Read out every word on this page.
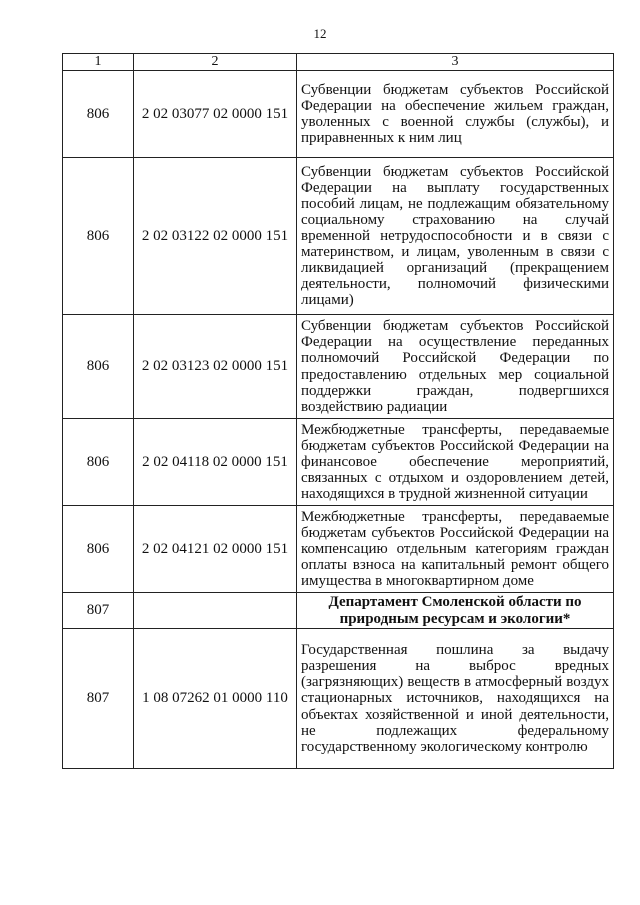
12
1	2	3
806	2 02 03077 02 0000 151	Субвенции бюджетам субъектов Российской Федерации на обеспечение жильем граждан, уволенных с военной службы (службы), и приравненных к ним лиц
806	2 02 03122 02 0000 151	Субвенции бюджетам субъектов Российской Федерации на выплату государственных пособий лицам, не подлежащим обязательному социальному страхованию на случай временной нетрудоспособности и в связи с материнством, и лицам, уволенным в связи с ликвидацией организаций (прекращением деятельности, полномочий физическими лицами)
806	2 02 03123 02 0000 151	Субвенции бюджетам субъектов Российской Федерации на осуществление переданных полномочий Российской Федерации по предоставлению отдельных мер социальной поддержки граждан, подвергшихся воздействию радиации
806	2 02 04118 02 0000 151	Межбюджетные трансферты, передаваемые бюджетам субъектов Российской Федерации на финансовое обеспечение мероприятий, связанных с отдыхом и оздоровлением детей, находящихся в трудной жизненной ситуации
806	2 02 04121 02 0000 151	Межбюджетные трансферты, передаваемые бюджетам субъектов Российской Федерации на компенсацию отдельным категориям граждан оплаты взноса на капитальный ремонт общего имущества в многоквартирном доме
807		Департамент Смоленской области по природным ресурсам и экологии*
807	1 08 07262 01 0000 110	Государственная пошлина за выдачу разрешения на выброс вредных (загрязняющих) веществ в атмосферный воздух стационарных источников, находящихся на объектах хозяйственной и иной деятельности, не подлежащих федеральному государственному экологическому контролю
